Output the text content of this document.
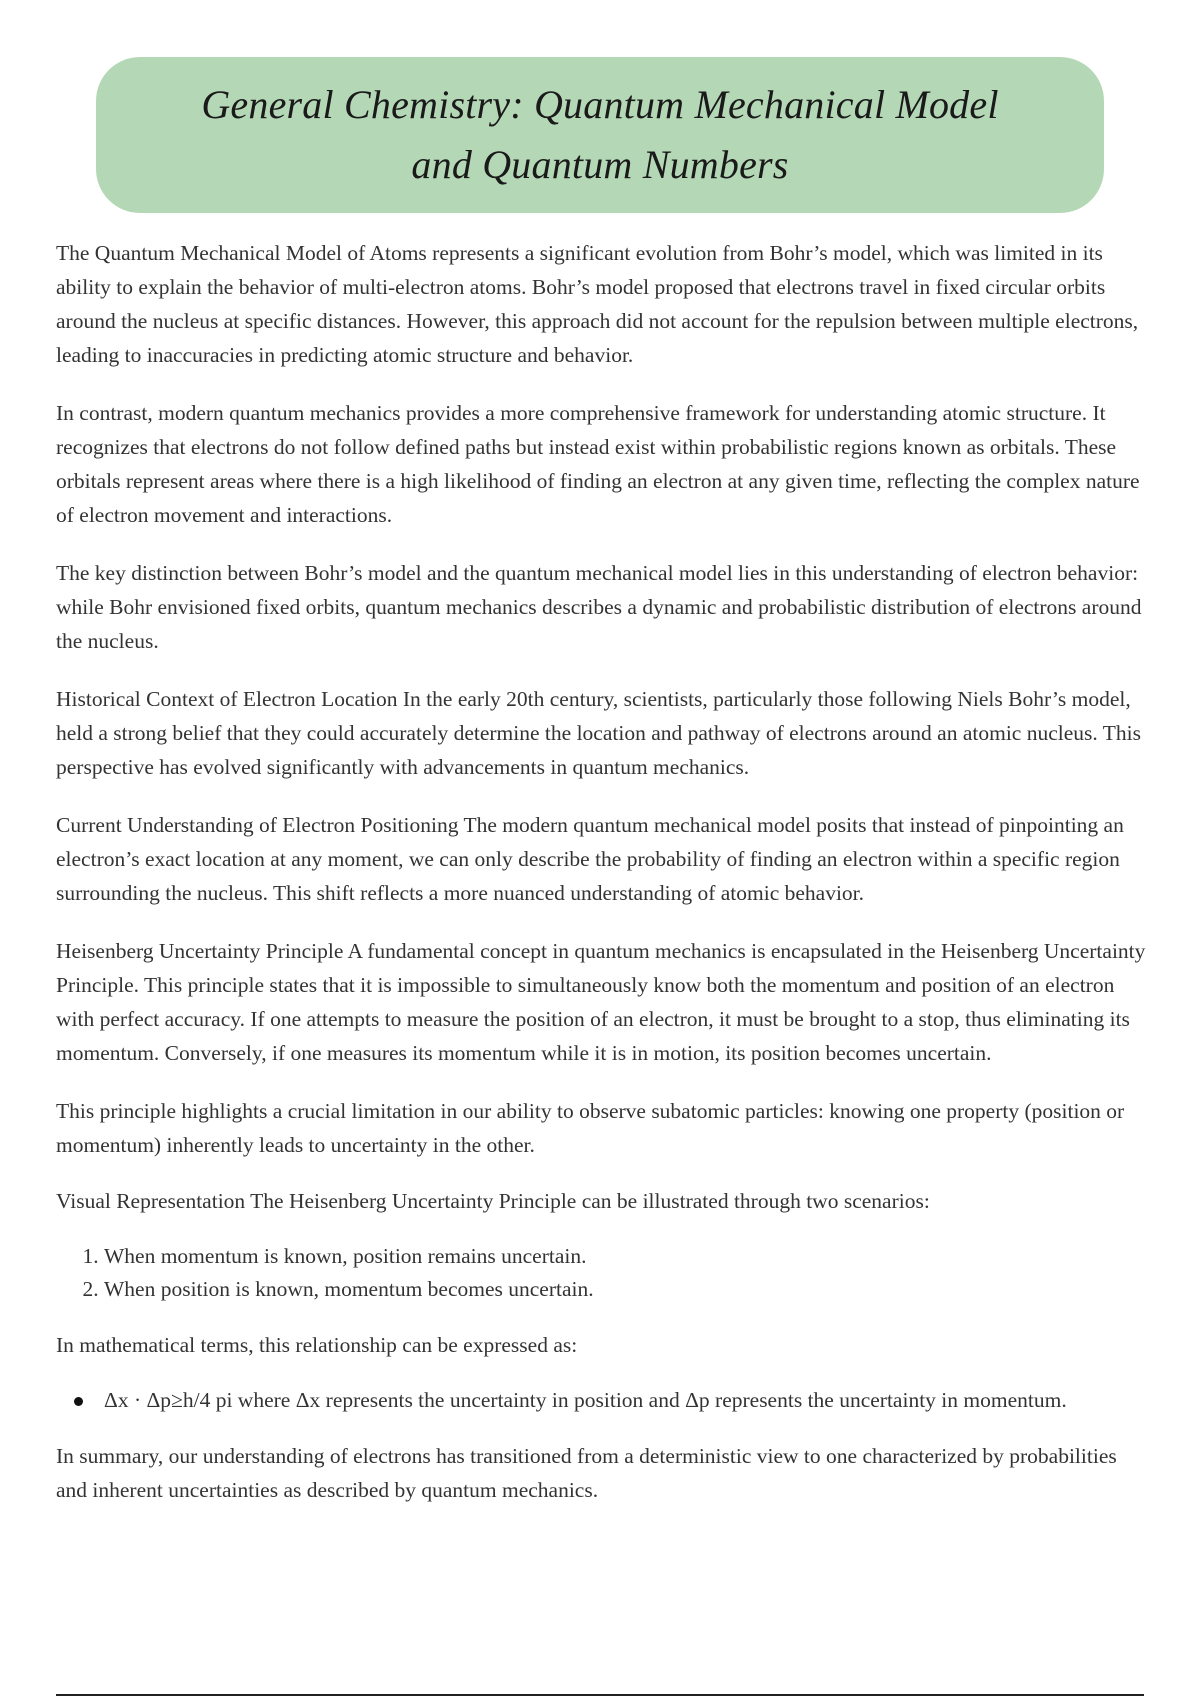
General Chemistry: Quantum Mechanical Model
and Quantum Numbers

The Quantum Mechanical Model of Atoms represents a significant evolution from Bohr’s model, which was limited in its ability to explain the behavior of multi-electron atoms. Bohr’s model proposed that electrons travel in fixed circular orbits around the nucleus at specific distances. However, this approach did not account for the repulsion between multiple electrons, leading to inaccuracies in predicting atomic structure and behavior.

In contrast, modern quantum mechanics provides a more comprehensive framework for understanding atomic structure. It recognizes that electrons do not follow defined paths but instead exist within probabilistic regions known as orbitals. These orbitals represent areas where there is a high likelihood of finding an electron at any given time, reflecting the complex nature of electron movement and interactions.

The key distinction between Bohr’s model and the quantum mechanical model lies in this understanding of electron behavior: while Bohr envisioned fixed orbits, quantum mechanics describes a dynamic and probabilistic distribution of electrons around the nucleus.

Historical Context of Electron Location In the early 20th century, scientists, particularly those following Niels Bohr’s model, held a strong belief that they could accurately determine the location and pathway of electrons around an atomic nucleus. This perspective has evolved significantly with advancements in quantum mechanics.

Current Understanding of Electron Positioning The modern quantum mechanical model posits that instead of pinpointing an electron’s exact location at any moment, we can only describe the probability of finding an electron within a specific region surrounding the nucleus. This shift reflects a more nuanced understanding of atomic behavior.

Heisenberg Uncertainty Principle A fundamental concept in quantum mechanics is encapsulated in the Heisenberg Uncertainty Principle. This principle states that it is impossible to simultaneously know both the momentum and position of an electron with perfect accuracy. If one attempts to measure the position of an electron, it must be brought to a stop, thus eliminating its momentum. Conversely, if one measures its momentum while it is in motion, its position becomes uncertain.

This principle highlights a crucial limitation in our ability to observe subatomic particles: knowing one property (position or momentum) inherently leads to uncertainty in the other.

Visual Representation The Heisenberg Uncertainty Principle can be illustrated through two scenarios:

1. When momentum is known, position remains uncertain.
2. When position is known, momentum becomes uncertain.

In mathematical terms, this relationship can be expressed as:

Δx · Δp≥h/4 pi where Δx represents the uncertainty in position and Δp represents the uncertainty in momentum.

In summary, our understanding of electrons has transitioned from a deterministic view to one characterized by probabilities and inherent uncertainties as described by quantum mechanics.
